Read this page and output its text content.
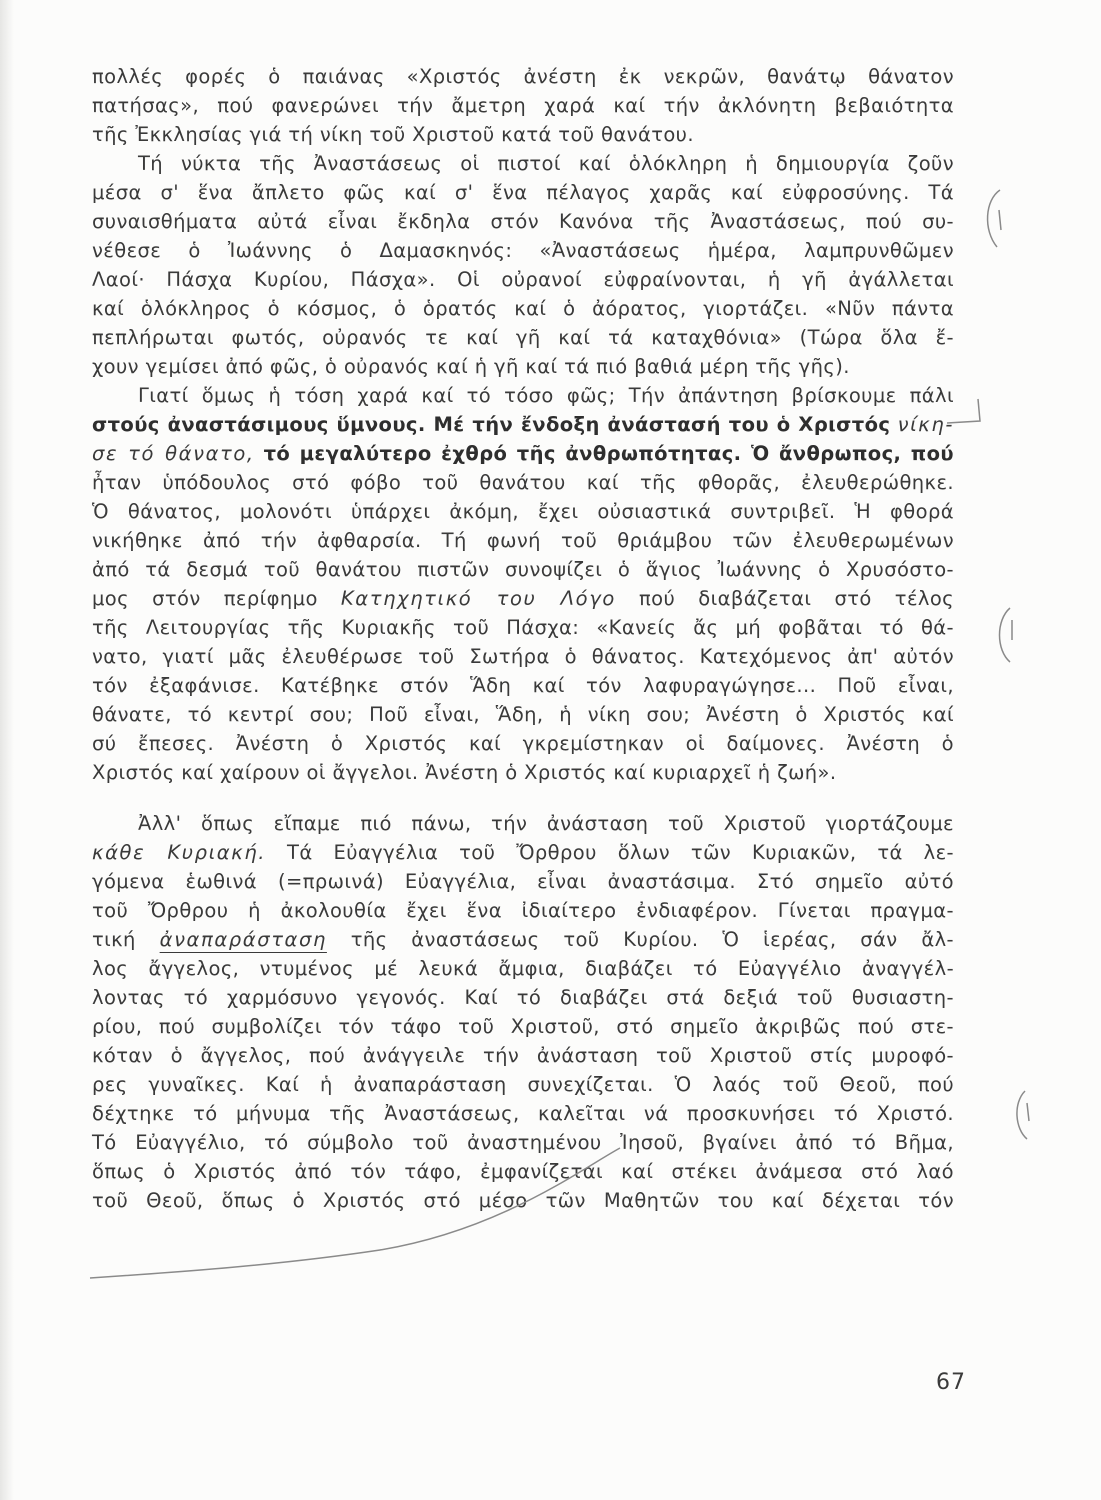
πολλές φορές ὁ παιάνας «Χριστός ἀνέστη ἐκ νεκρῶν, θανάτῳ θάνατον
πατήσας», πού φανερώνει τήν ἄμετρη χαρά καί τήν ἀκλόνητη βεβαιότητα
τῆς Ἐκκλησίας γιά τή νίκη τοῦ Χριστοῦ κατά τοῦ θανάτου.
Τή νύκτα τῆς Ἀναστάσεως οἱ πιστοί καί ὁλόκληρη ἡ δημιουργία ζοῦν
μέσα σ' ἕνα ἄπλετο φῶς καί σ' ἕνα πέλαγος χαρᾶς καί εὐφροσύνης. Τά
συναισθήματα αὐτά εἶναι ἔκδηλα στόν Κανόνα τῆς Ἀναστάσεως, πού συ-
νέθεσε ὁ Ἰωάννης ὁ Δαμασκηνός: «Ἀναστάσεως ἡμέρα, λαμπρυνθῶμεν
Λαοί· Πάσχα Κυρίου, Πάσχα». Οἱ οὐρανοί εὐφραίνονται, ἡ γῆ ἀγάλλεται
καί ὁλόκληρος ὁ κόσμος, ὁ ὁρατός καί ὁ ἀόρατος, γιορτάζει. «Νῦν πάντα
πεπλήρωται φωτός, οὐρανός τε καί γῆ καί τά καταχθόνια» (Τώρα ὅλα ἔ-
χουν γεμίσει ἀπό φῶς, ὁ οὐρανός καί ἡ γῆ καί τά πιό βαθιά μέρη τῆς γῆς).
Γιατί ὅμως ἡ τόση χαρά καί τό τόσο φῶς; Τήν ἀπάντηση βρίσκουμε πάλι
στούς ἀναστάσιμους ὕμνους. Μέ τήν ἔνδοξη ἀνάστασή του ὁ Χριστός νίκη-
σε τό θάνατο, τό μεγαλύτερο ἐχθρό τῆς ἀνθρωπότητας. Ὁ ἄνθρωπος, πού
ἦταν ὑπόδουλος στό φόβο τοῦ θανάτου καί τῆς φθορᾶς, ἐλευθερώθηκε.
Ὁ θάνατος, μολονότι ὑπάρχει ἀκόμη, ἔχει οὐσιαστικά συντριβεῖ. Ἡ φθορά
νικήθηκε ἀπό τήν ἀφθαρσία. Τή φωνή τοῦ θριάμβου τῶν ἐλευθερωμένων
ἀπό τά δεσμά τοῦ θανάτου πιστῶν συνοψίζει ὁ ἅγιος Ἰωάννης ὁ Χρυσόστο-
μος στόν περίφημο Κατηχητικό του Λόγο πού διαβάζεται στό τέλος
τῆς Λειτουργίας τῆς Κυριακῆς τοῦ Πάσχα: «Κανείς ἄς μή φοβᾶται τό θά-
νατο, γιατί μᾶς ἐλευθέρωσε τοῦ Σωτήρα ὁ θάνατος. Κατεχόμενος ἀπ' αὐτόν
τόν ἐξαφάνισε. Κατέβηκε στόν Ἅδη καί τόν λαφυραγώγησε... Ποῦ εἶναι,
θάνατε, τό κεντρί σου; Ποῦ εἶναι, Ἅδη, ἡ νίκη σου; Ἀνέστη ὁ Χριστός καί
σύ ἔπεσες. Ἀνέστη ὁ Χριστός καί γκρεμίστηκαν οἱ δαίμονες. Ἀνέστη ὁ
Χριστός καί χαίρουν οἱ ἄγγελοι. Ἀνέστη ὁ Χριστός καί κυριαρχεῖ ἡ ζωή».
Ἀλλ' ὅπως εἴπαμε πιό πάνω, τήν ἀνάσταση τοῦ Χριστοῦ γιορτάζουμε
κάθε Κυριακή. Τά Εὐαγγέλια τοῦ Ὄρθρου ὅλων τῶν Κυριακῶν, τά λε-
γόμενα ἑωθινά (=πρωινά) Εὐαγγέλια, εἶναι ἀναστάσιμα. Στό σημεῖο αὐτό
τοῦ Ὄρθρου ἡ ἀκολουθία ἔχει ἕνα ἰδιαίτερο ἐνδιαφέρον. Γίνεται πραγμα-
τική ἀναπαράσταση τῆς ἀναστάσεως τοῦ Κυρίου. Ὁ ἱερέας, σάν ἄλ-
λος ἄγγελος, ντυμένος μέ λευκά ἄμφια, διαβάζει τό Εὐαγγέλιο ἀναγγέλ-
λοντας τό χαρμόσυνο γεγονός. Καί τό διαβάζει στά δεξιά τοῦ θυσιαστη-
ρίου, πού συμβολίζει τόν τάφο τοῦ Χριστοῦ, στό σημεῖο ἀκριβῶς πού στε-
κόταν ὁ ἄγγελος, πού ἀνάγγειλε τήν ἀνάσταση τοῦ Χριστοῦ στίς μυροφό-
ρες γυναῖκες. Καί ἡ ἀναπαράσταση συνεχίζεται. Ὁ λαός τοῦ Θεοῦ, πού
δέχτηκε τό μήνυμα τῆς Ἀναστάσεως, καλεῖται νά προσκυνήσει τό Χριστό.
Τό Εὐαγγέλιο, τό σύμβολο τοῦ ἀναστημένου Ἰησοῦ, βγαίνει ἀπό τό Βῆμα,
ὅπως ὁ Χριστός ἀπό τόν τάφο, ἐμφανίζεται καί στέκει ἀνάμεσα στό λαό
τοῦ Θεοῦ, ὅπως ὁ Χριστός στό μέσο τῶν Μαθητῶν του καί δέχεται τόν
67
